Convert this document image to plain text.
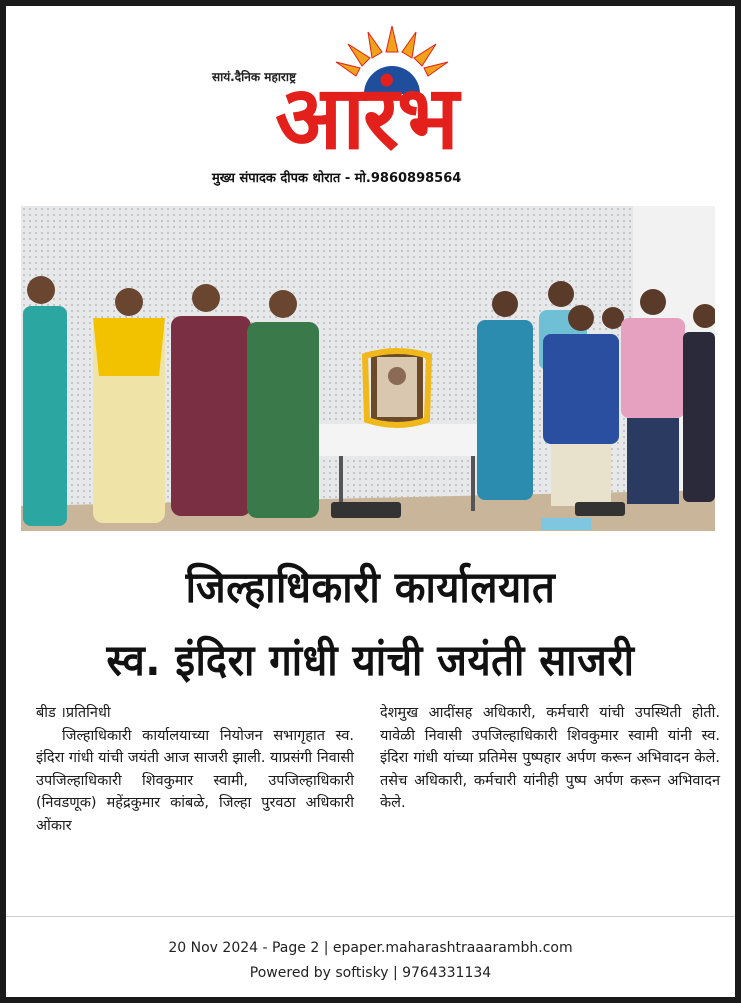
सायं.दैनिक महाराष्ट्र
आरंभ
मुख्य संपादक दीपक थोरात - मो.9860898564
जिल्हाधिकारी कार्यालयात
स्व. इंदिरा गांधी यांची जयंती साजरी
बीड ।प्रतिनिधी

जिल्हाधिकारी कार्यालयाच्या नियोजन सभागृहात स्व. इंदिरा गांधी यांची जयंती आज साजरी झाली. याप्रसंगी निवासी उपजिल्हाधिकारी शिवकुमार स्वामी, उपजिल्हाधिकारी (निवडणूक) महेंद्रकुमार कांबळे, जिल्हा पुरवठा अधिकारी ओंकार

देशमुख आदींसह अधिकारी, कर्मचारी यांची उपस्थिती होती. यावेळी निवासी उपजिल्हाधिकारी शिवकुमार स्वामी यांनी स्व. इंदिरा गांधी यांच्या प्रतिमेस पुष्पहार अर्पण करून अभिवादन केले. तसेच अधिकारी, कर्मचारी यांनीही पुष्प अर्पण करून अभिवादन केले.

20 Nov 2024 - Page 2 | epaper.maharashtraaarambh.com
Powered by softisky | 9764331134
